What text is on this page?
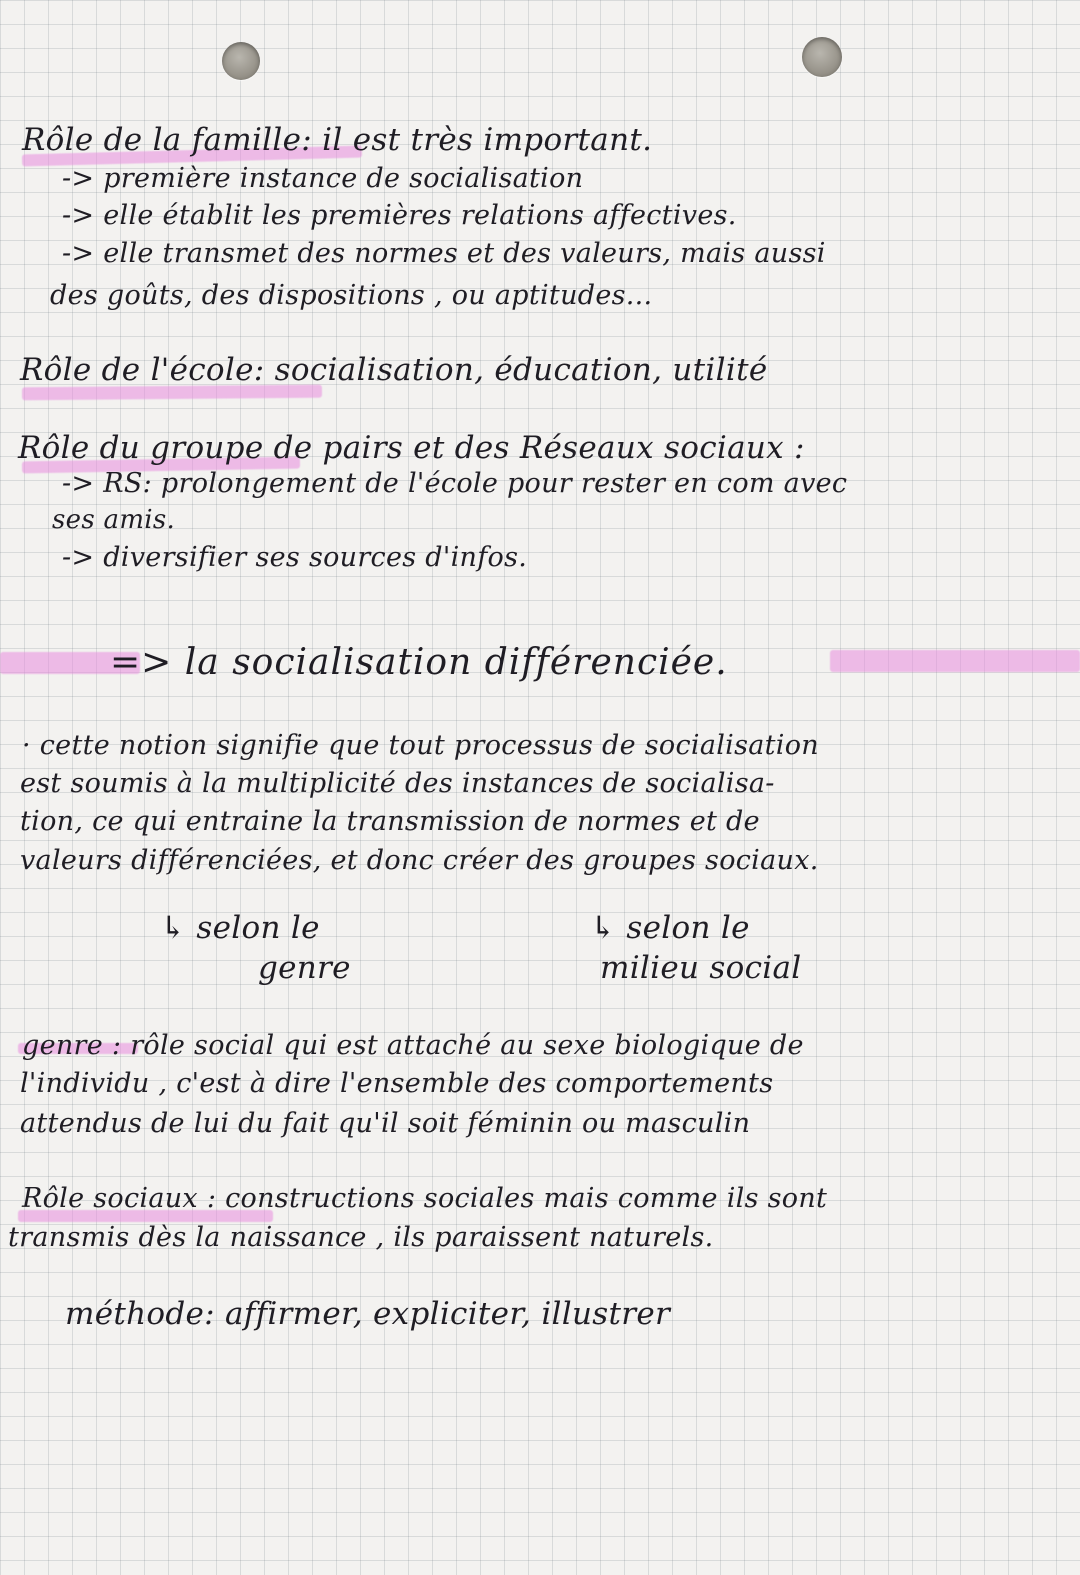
Rôle de la famille: il est très important.
-> première instance de socialisation
-> elle établit les premières relations affectives.
-> elle transmet des normes et des valeurs, mais aussi
des goûts, des dispositions , ou aptitudes...
Rôle de l'école: socialisation, éducation, utilité
Rôle du groupe de pairs et des Réseaux sociaux :
-> RS: prolongement de l'école pour rester en com avec
ses amis.
-> diversifier ses sources d'infos.
=> la socialisation différenciée.
· cette notion signifie que tout processus de socialisation
est soumis à la multiplicité des instances de socialisa-
tion, ce qui entraine la transmission de normes et de
valeurs différenciées, et donc créer des groupes sociaux.
↳ selon le
genre
↳ selon le
milieu social
genre : rôle social qui est attaché au sexe biologique de
l'individu , c'est à dire l'ensemble des comportements
attendus de lui du fait qu'il soit féminin ou masculin
Rôle sociaux : constructions sociales mais comme ils sont
transmis dès la naissance , ils paraissent naturels.
méthode: affirmer, expliciter, illustrer
